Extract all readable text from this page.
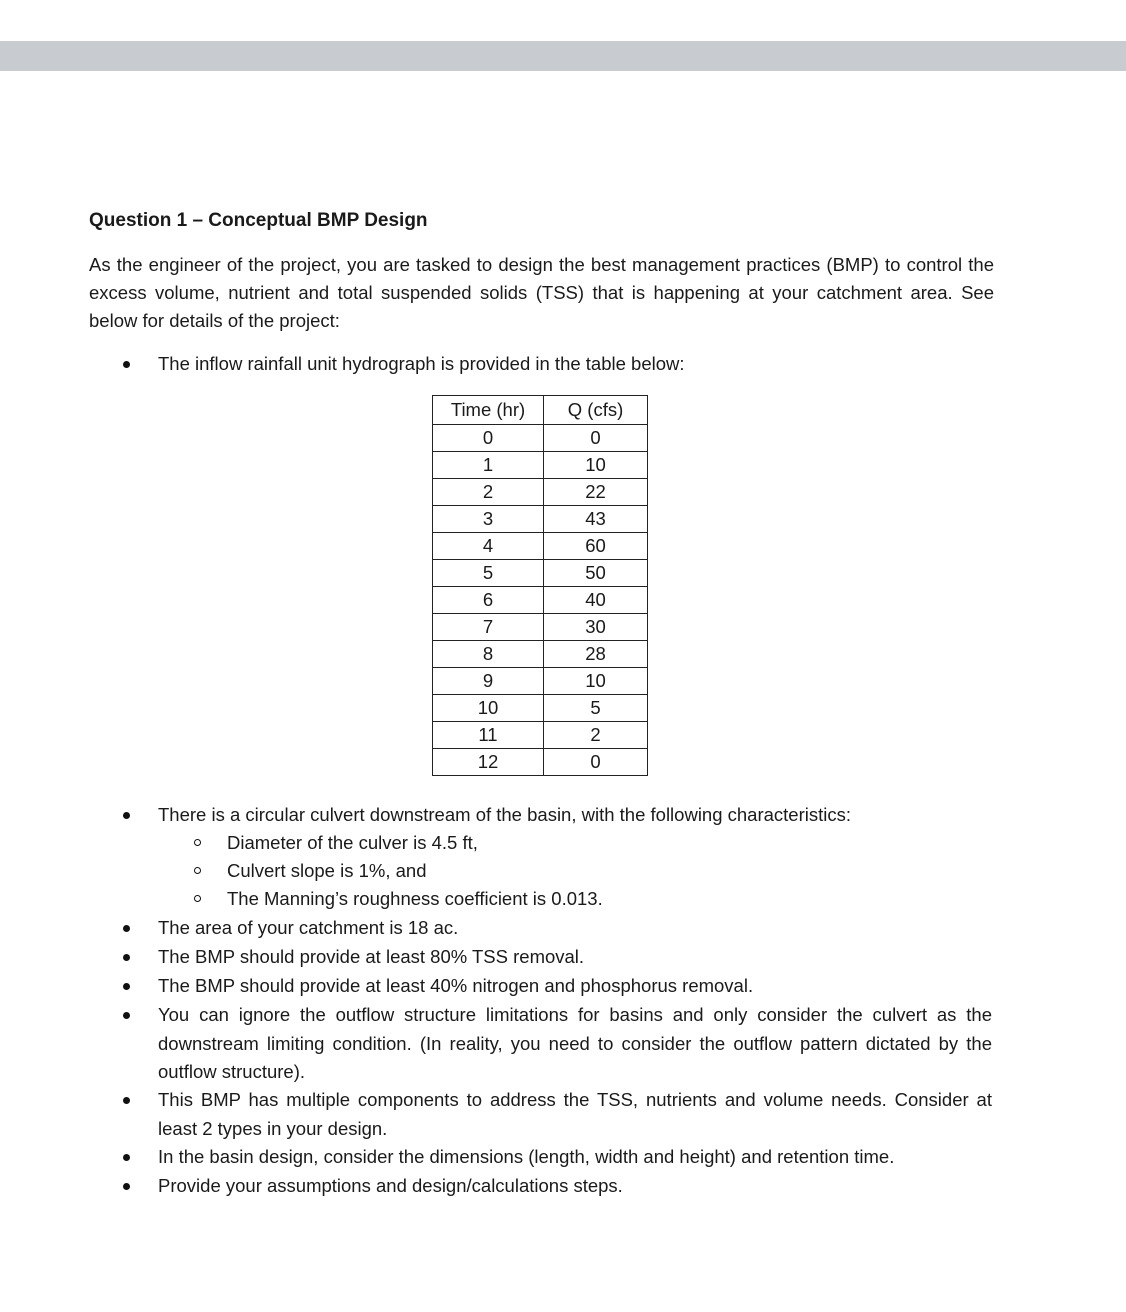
Question 1 – Conceptual BMP Design
As the engineer of the project, you are tasked to design the best management practices (BMP) to control the excess volume, nutrient and total suspended solids (TSS) that is happening at your catchment area. See below for details of the project:
The inflow rainfall unit hydrograph is provided in the table below:
Time (hr)	Q (cfs)
0	0
1	10
2	22
3	43
4	60
5	50
6	40
7	30
8	28
9	10
10	5
11	2
12	0
There is a circular culvert downstream of the basin, with the following characteristics:
Diameter of the culver is 4.5 ft,
Culvert slope is 1%, and
The Manning’s roughness coefficient is 0.013.
The area of your catchment is 18 ac.
The BMP should provide at least 80% TSS removal.
The BMP should provide at least 40% nitrogen and phosphorus removal.
You can ignore the outflow structure limitations for basins and only consider the culvert as the downstream limiting condition. (In reality, you need to consider the outflow pattern dictated by the outflow structure).
This BMP has multiple components to address the TSS, nutrients and volume needs. Consider at least 2 types in your design.
In the basin design, consider the dimensions (length, width and height) and retention time.
Provide your assumptions and design/calculations steps.
